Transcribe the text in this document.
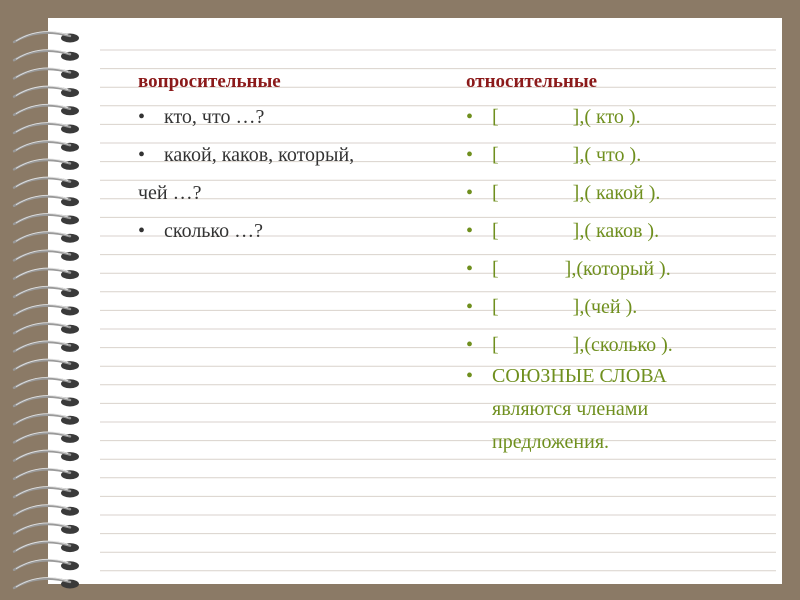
вопросительные
• кто, что …?
• какой, каков, который,
чей …?
• сколько …?
относительные
• [	],( кто ).
• [	],( что ).
• [	],( какой ).
• [	],( каков ).
• [	],(который ).
• [	],(чей ).
• [	],(сколько ).
• СОЮЗНЫЕ СЛОВА
являются членами
предложения.
